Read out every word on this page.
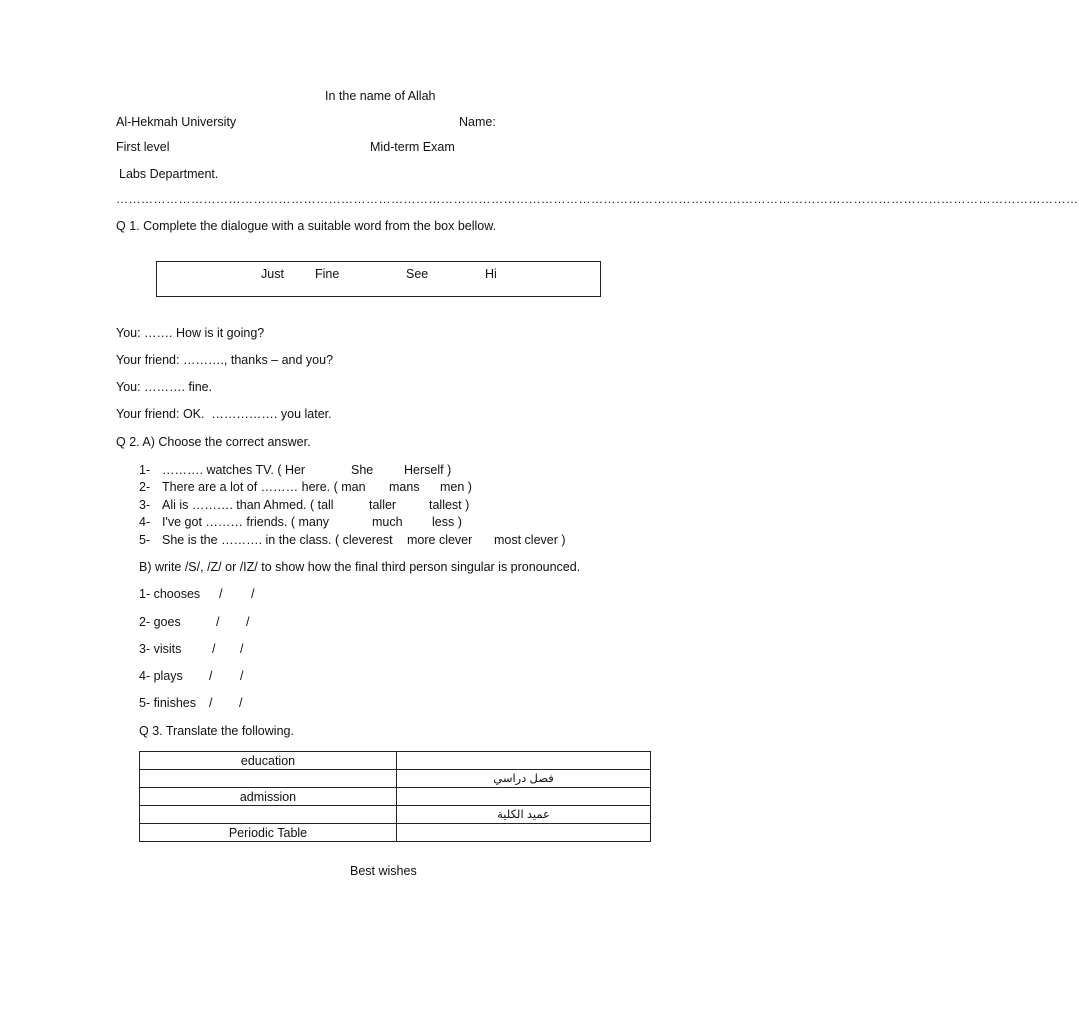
In the name of Allah
Al-Hekmah University	Name:
First level	Mid-term Exam
Labs Department.
……………………………………………………………………………………………………………………………………………………………………………………………………………
Q 1. Complete the dialogue with a suitable word from the box bellow.
Just Fine	See	Hi
You: ……. How is it going?
Your friend: ………., thanks – and you?
You: ………. fine.
Your friend: OK.  ……………. you later.
Q 2. A) Choose the correct answer.
1- ………. watches TV. ( Her	She Herself )
2- There are a lot of ……… here. ( man mans men )
3- Ali is ………. than Ahmed. ( tall	taller	tallest )
4- I've got ……… friends. ( many	much less )
5- She is the ………. in the class. ( cleverest more clever most clever )
B) write /S/, /Z/ or /IZ/ to show how the final third person singular is pronounced.
1- chooses / /
2- goes	/ /
3- visits / /
4- plays / /
5- finishes / /
Q 3. Translate the following.
education	
	فصل دراسي
admission	
	عميد الكلية
Periodic Table	
Best wishes
